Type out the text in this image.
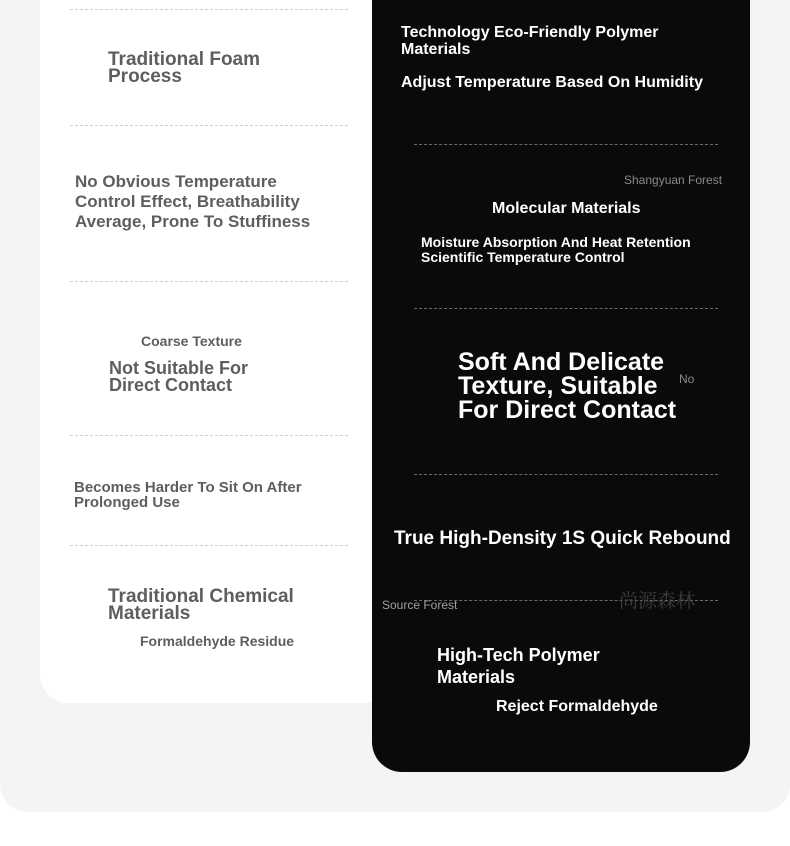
Traditional Foam Process

No Obvious Temperature Control Effect, Breathability Average, Prone To Stuffiness

Coarse Texture

Not Suitable For Direct Contact

Becomes Harder To Sit On After Prolonged Use

Traditional Chemical Materials

Formaldehyde Residue

Technology Eco-Friendly Polymer Materials

Adjust Temperature Based On Humidity

Shangyuan Forest

Molecular Materials

Moisture Absorption And Heat Retention Scientific Temperature Control

Soft And Delicate Texture, Suitable For Direct Contact

No

True High-Density 1S Quick Rebound

Source Forest	尚源森林

High-Tech Polymer Materials

Reject Formaldehyde
